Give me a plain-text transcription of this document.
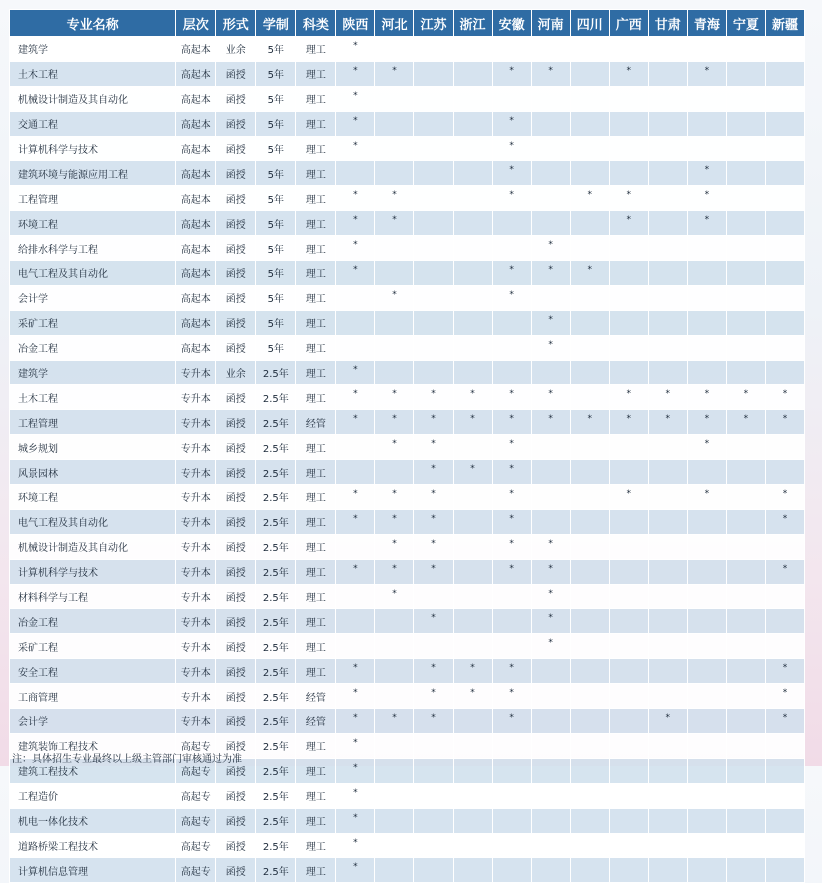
专业名称	层次	形式	学制	科类	陕西	河北	江苏	浙江	安徽	河南	四川	广西	甘肃	青海	宁夏	新疆
建筑学	高起本	业余	5年	理工	*											
土木工程	高起本	函授	5年	理工	*	*			*	*		*		*		
机械设计制造及其自动化	高起本	函授	5年	理工	*											
交通工程	高起本	函授	5年	理工	*				*							
计算机科学与技术	高起本	函授	5年	理工	*				*							
建筑环境与能源应用工程	高起本	函授	5年	理工					*					*		
工程管理	高起本	函授	5年	理工	*	*			*		*	*		*		
环境工程	高起本	函授	5年	理工	*	*						*		*		
给排水科学与工程	高起本	函授	5年	理工	*					*						
电气工程及其自动化	高起本	函授	5年	理工	*				*	*	*					
会计学	高起本	函授	5年	理工		*			*							
采矿工程	高起本	函授	5年	理工						*						
冶金工程	高起本	函授	5年	理工						*						
建筑学	专升本	业余	2.5年	理工	*											
土木工程	专升本	函授	2.5年	理工	*	*	*	*	*	*		*	*	*	*	*
工程管理	专升本	函授	2.5年	经管	*	*	*	*	*	*	*	*	*	*	*	*
城乡规划	专升本	函授	2.5年	理工		*	*		*					*		
风景园林	专升本	函授	2.5年	理工			*	*	*							
环境工程	专升本	函授	2.5年	理工	*	*	*		*			*		*		*
电气工程及其自动化	专升本	函授	2.5年	理工	*	*	*		*							*
机械设计制造及其自动化	专升本	函授	2.5年	理工		*	*		*	*						
计算机科学与技术	专升本	函授	2.5年	理工	*	*	*		*	*						*
材料科学与工程	专升本	函授	2.5年	理工		*				*						
冶金工程	专升本	函授	2.5年	理工			*			*						
采矿工程	专升本	函授	2.5年	理工						*						
安全工程	专升本	函授	2.5年	理工	*		*	*	*							*
工商管理	专升本	函授	2.5年	经管	*		*	*	*							*
会计学	专升本	函授	2.5年	经管	*	*	*		*				*			*
建筑装饰工程技术	高起专	函授	2.5年	理工	*											
建筑工程技术	高起专	函授	2.5年	理工	*											
工程造价	高起专	函授	2.5年	理工	*											
机电一体化技术	高起专	函授	2.5年	理工	*											
道路桥梁工程技术	高起专	函授	2.5年	理工	*											
计算机信息管理	高起专	函授	2.5年	理工	*											
注：具体招生专业最终以上级主管部门审核通过为准
